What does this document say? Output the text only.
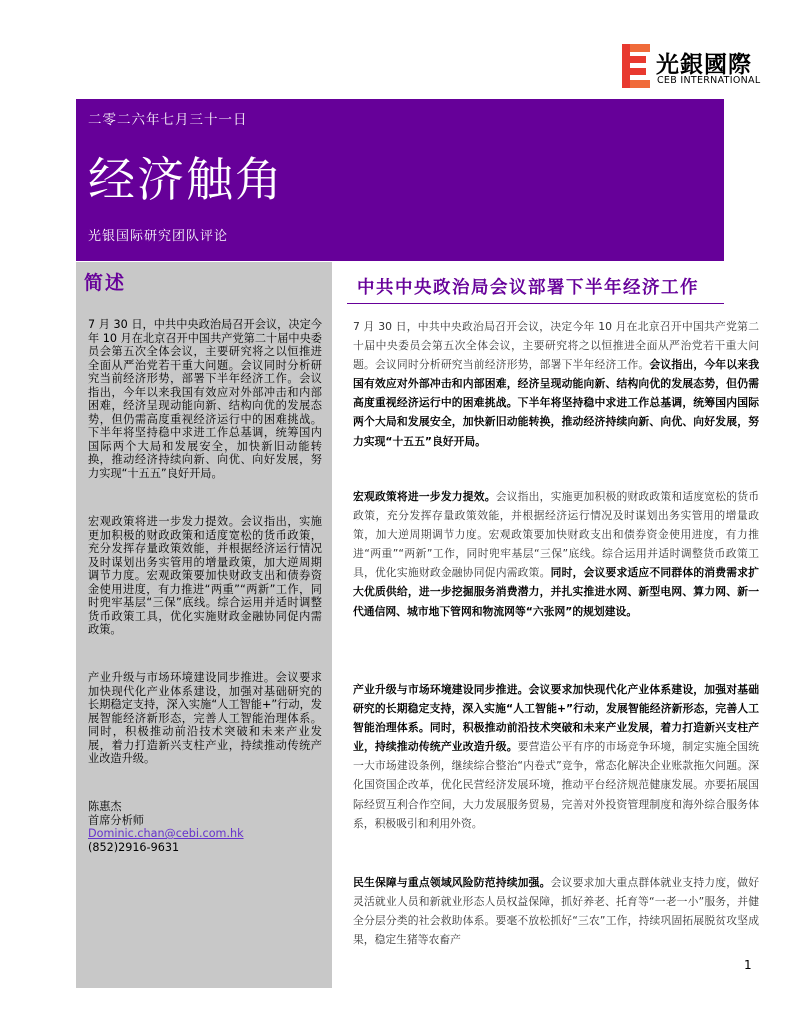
光銀國際
CEB INTERNATIONAL
二零二六年七月三十一日
经济触角
光银国际研究团队评论
简述

7 月 30 日，中共中央政治局召开会议，决定今年 10 月在北京召开中国共产党第二十届中央委员会第五次全体会议，主要研究将之以恒推进全面从严治党若干重大问题。会议同时分析研究当前经济形势，部署下半年经济工作。会议指出，今年以来我国有效应对外部冲击和内部困难，经济呈现动能向新、结构向优的发展态势，但仍需高度重视经济运行中的困难挑战。下半年将坚持稳中求进工作总基调，统筹国内国际两个大局和发展安全，加快新旧动能转换，推动经济持续向新、向优、向好发展，努力实现“十五五”良好开局。

宏观政策将进一步发力提效。会议指出，实施更加积极的财政政策和适度宽松的货币政策，充分发挥存量政策效能，并根据经济运行情况及时谋划出务实管用的增量政策，加大逆周期调节力度。宏观政策要加快财政支出和债券资金使用进度，有力推进“两重”“两新”工作，同时兜牢基层“三保”底线。综合运用并适时调整货币政策工具，优化实施财政金融协同促内需政策。

产业升级与市场环境建设同步推进。会议要求加快现代化产业体系建设，加强对基础研究的长期稳定支持，深入实施“人工智能+”行动，发展智能经济新形态，完善人工智能治理体系。同时，积极推动前沿技术突破和未来产业发展，着力打造新兴支柱产业，持续推动传统产业改造升级。

陈惠杰
首席分析师
Dominic.chan@cebi.com.hk
(852)2916-9631
中共中央政治局会议部署下半年经济工作

7 月 30 日，中共中央政治局召开会议，决定今年 10 月在北京召开中国共产党第二十届中央委员会第五次全体会议，主要研究将之以恒推进全面从严治党若干重大问题。会议同时分析研究当前经济形势，部署下半年经济工作。会议指出，今年以来我国有效应对外部冲击和内部困难，经济呈现动能向新、结构向优的发展态势，但仍需高度重视经济运行中的困难挑战。下半年将坚持稳中求进工作总基调，统筹国内国际两个大局和发展安全，加快新旧动能转换，推动经济持续向新、向优、向好发展，努力实现“十五五”良好开局。

宏观政策将进一步发力提效。会议指出，实施更加积极的财政政策和适度宽松的货币政策，充分发挥存量政策效能，并根据经济运行情况及时谋划出务实管用的增量政策，加大逆周期调节力度。宏观政策要加快财政支出和债券资金使用进度，有力推进“两重”“两新”工作，同时兜牢基层“三保”底线。综合运用并适时调整货币政策工具，优化实施财政金融协同促内需政策。同时，会议要求适应不同群体的消费需求扩大优质供给，进一步挖掘服务消费潜力，并扎实推进水网、新型电网、算力网、新一代通信网、城市地下管网和物流网等“六张网”的规划建设。

产业升级与市场环境建设同步推进。会议要求加快现代化产业体系建设，加强对基础研究的长期稳定支持，深入实施“人工智能+”行动，发展智能经济新形态，完善人工智能治理体系。同时，积极推动前沿技术突破和未来产业发展，着力打造新兴支柱产业，持续推动传统产业改造升级。要营造公平有序的市场竞争环境，制定实施全国统一大市场建设条例，继续综合整治“内卷式”竞争，常态化解决企业账款拖欠问题。深化国资国企改革，优化民营经济发展环境，推动平台经济规范健康发展。亦要拓展国际经贸互利合作空间，大力发展服务贸易，完善对外投资管理制度和海外综合服务体系，积极吸引和利用外资。

民生保障与重点领域风险防范持续加强。会议要求加大重点群体就业支持力度，做好灵活就业人员和新就业形态人员权益保障，抓好养老、托育等“一老一小”服务，并健全分层分类的社会救助体系。要毫不放松抓好“三农”工作，持续巩固拓展脱贫攻坚成果，稳定生猪等农畜产

1
